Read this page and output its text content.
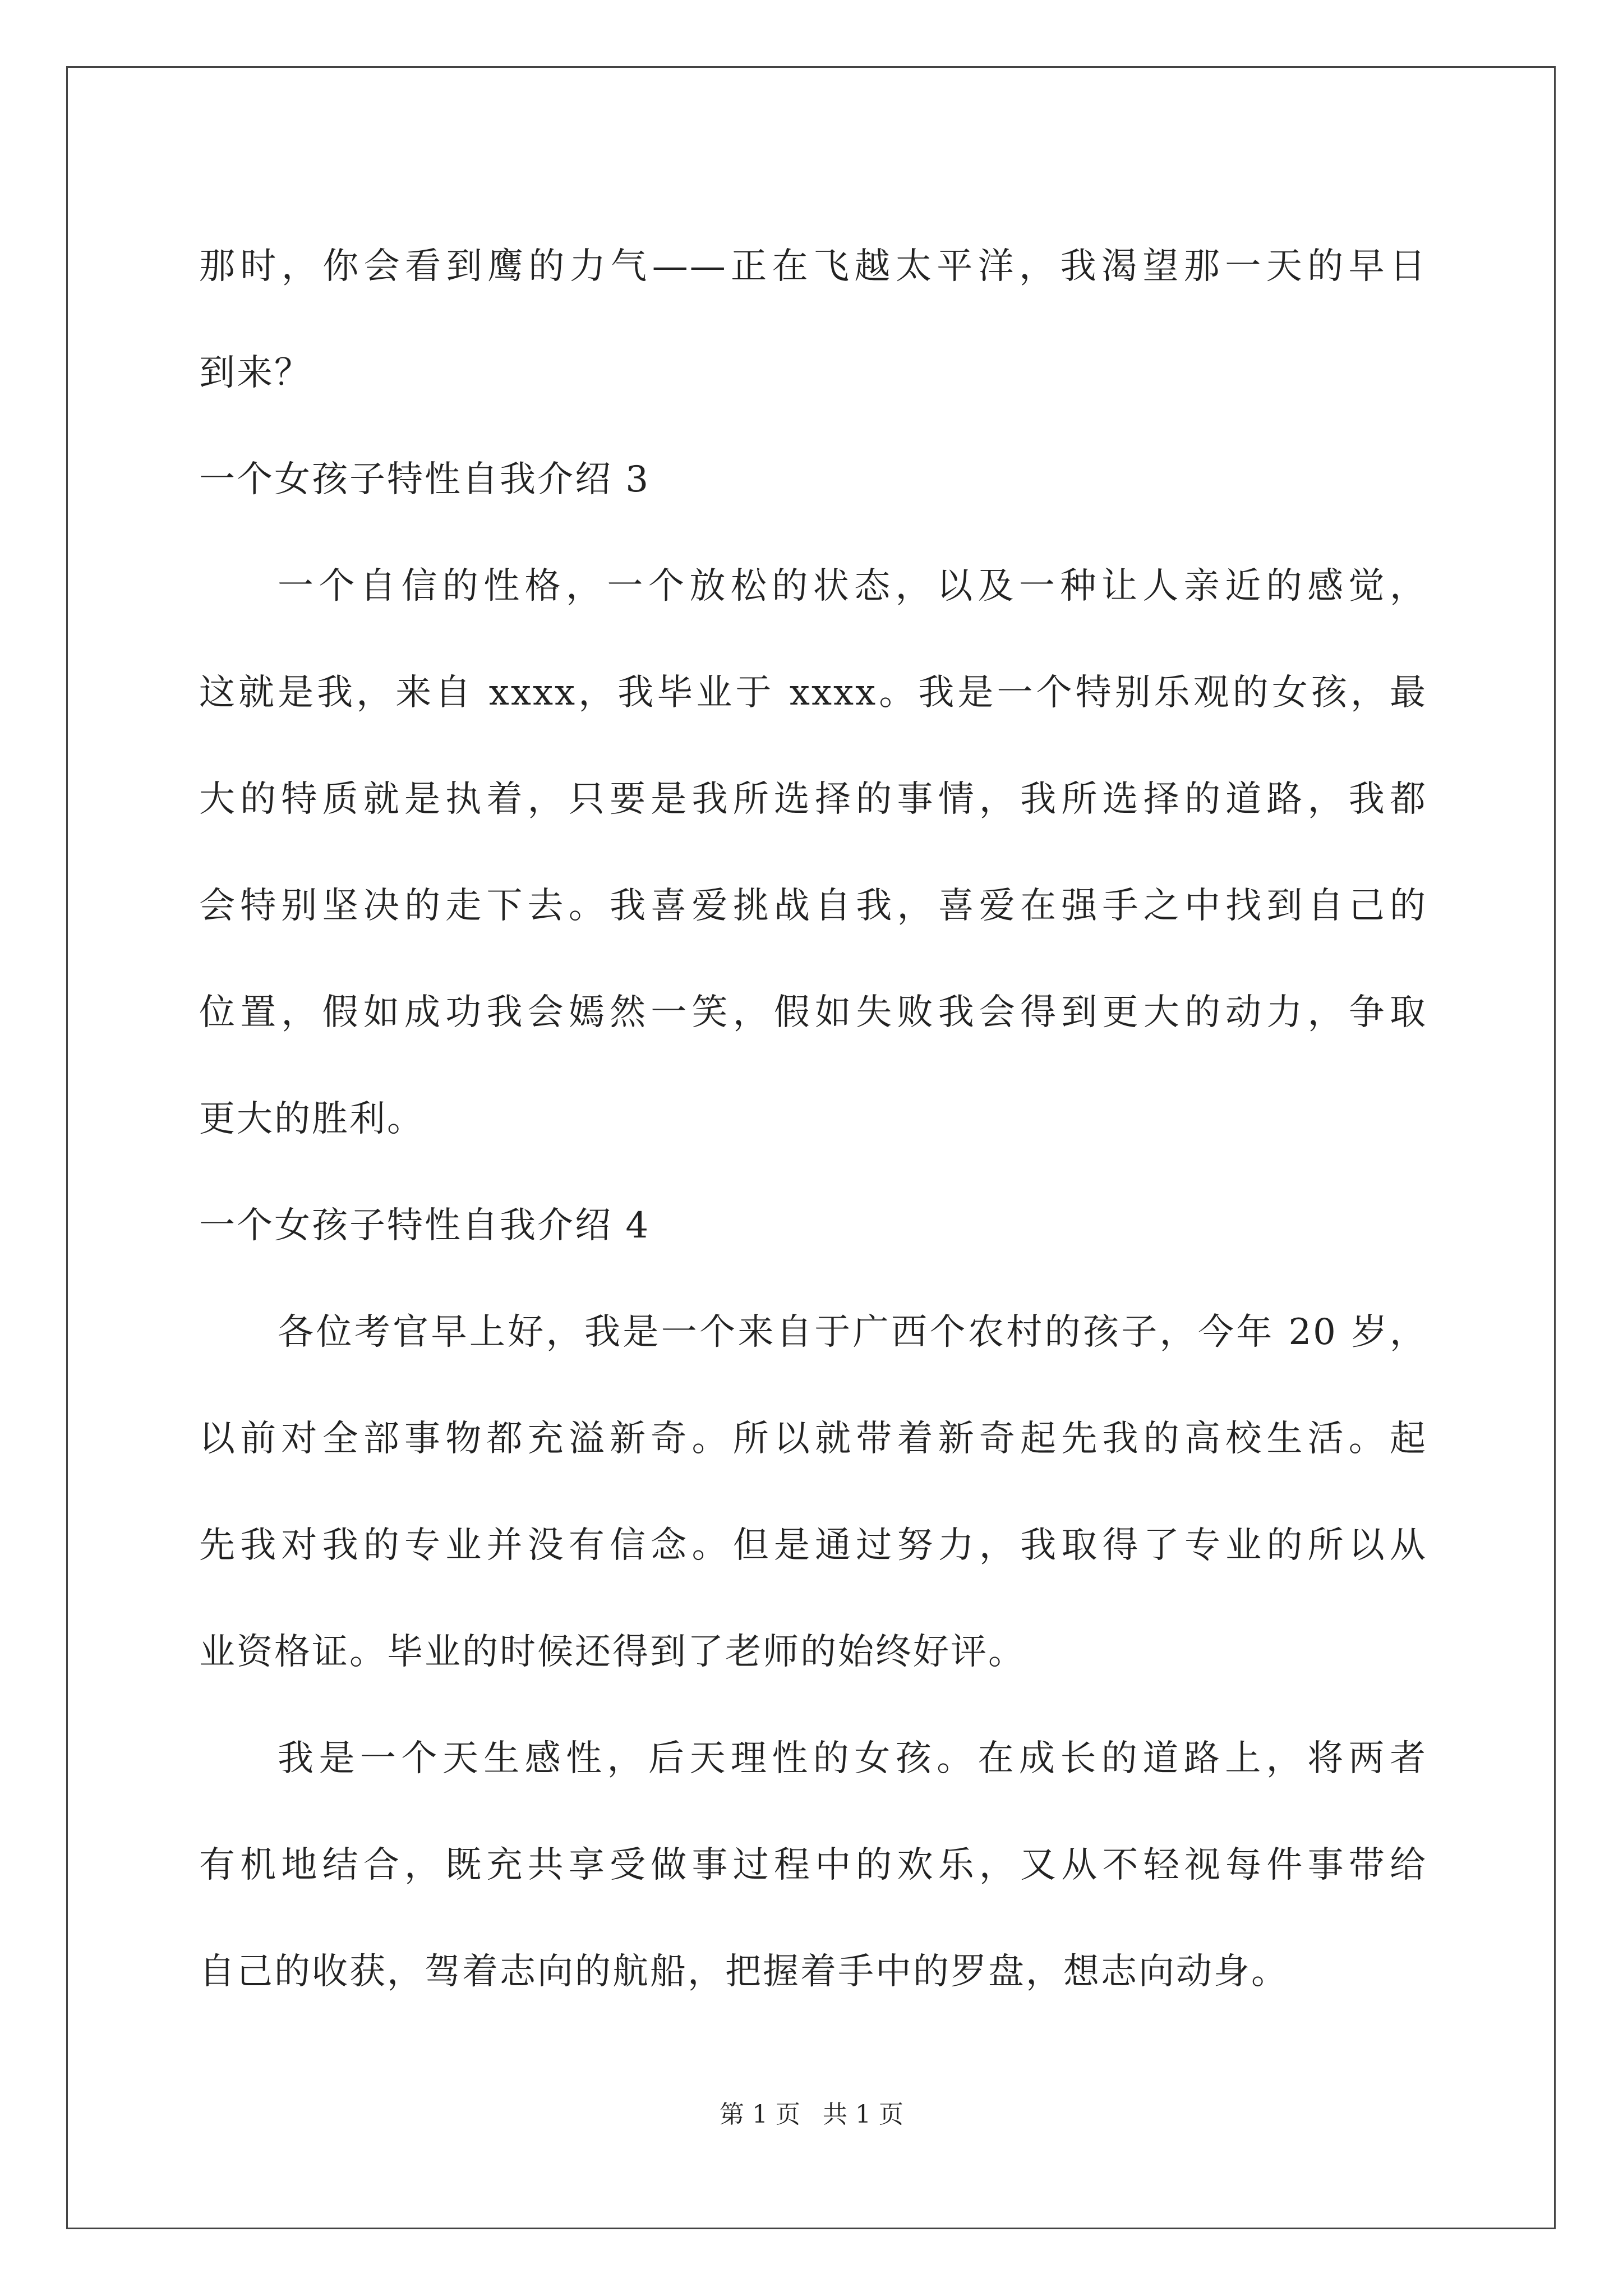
那时，你会看到鹰的力气——正在飞越太平洋，我渴望那一天的早日
到来？
一个女孩子特性自我介绍 3
一个自信的性格，一个放松的状态，以及一种让人亲近的感觉，
这就是我，来自 xxxx，我毕业于 xxxx。我是一个特别乐观的女孩，最
大的特质就是执着，只要是我所选择的事情，我所选择的道路，我都
会特别坚决的走下去。我喜爱挑战自我，喜爱在强手之中找到自己的
位置，假如成功我会嫣然一笑，假如失败我会得到更大的动力，争取
更大的胜利。
一个女孩子特性自我介绍 4
各位考官早上好，我是一个来自于广西个农村的孩子，今年 20 岁，
以前对全部事物都充溢新奇。所以就带着新奇起先我的高校生活。起
先我对我的专业并没有信念。但是通过努力，我取得了专业的所以从
业资格证。毕业的时候还得到了老师的始终好评。
我是一个天生感性，后天理性的女孩。在成长的道路上，将两者
有机地结合，既充共享受做事过程中的欢乐，又从不轻视每件事带给
自己的收获，驾着志向的航船，把握着手中的罗盘，想志向动身。
第 1 页 共 1 页
